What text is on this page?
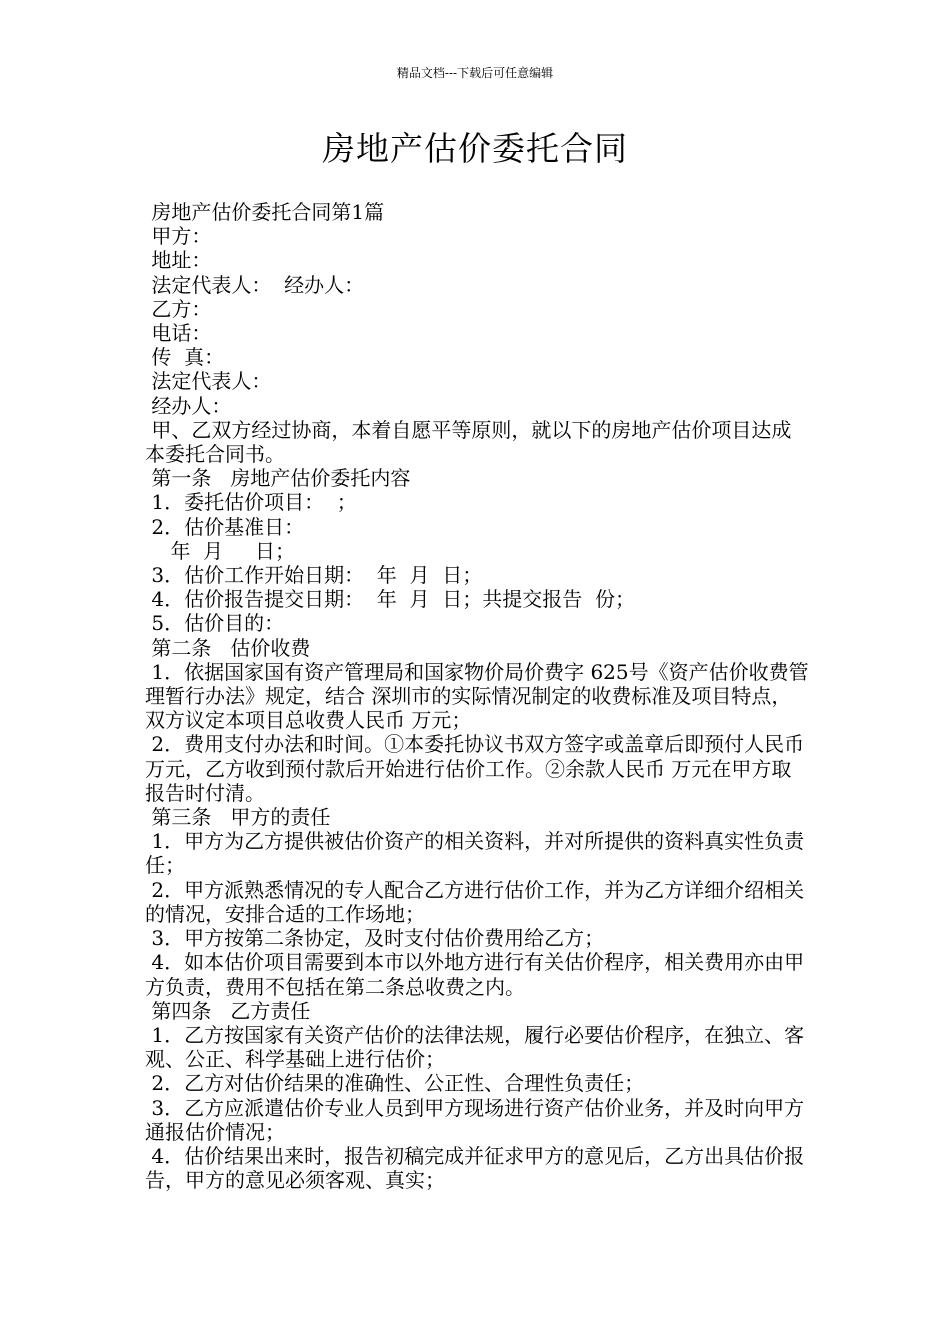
精品文档---下载后可任意编辑
房地产估价委托合同
房地产估价委托合同第1篇
甲方：
地址：
法定代表人：  经办人：
乙方：
电话：
传  真：
法定代表人：
经办人：
甲、乙双方经过协商，本着自愿平等原则，就以下的房地产估价项目达成本委托合同书。
第一条   房地产估价委托内容
1．委托估价项目：  ；
2．估价基准日：
年  月     日；
3．估价工作开始日期：  年  月  日；
4．估价报告提交日期：  年  月  日；共提交报告  份；
5．估价目的：
第二条   估价收费
1．依据国家国有资产管理局和国家物价局价费字 625号《资产估价收费管理暂行办法》规定，结合 深圳市的实际情况制定的收费标准及项目特点，双方议定本项目总收费人民币 万元；
2．费用支付办法和时间。①本委托协议书双方签字或盖章后即预付人民币 万元，乙方收到预付款后开始进行估价工作。②余款人民币 万元在甲方取报告时付清。
第三条   甲方的责任
1．甲方为乙方提供被估价资产的相关资料，并对所提供的资料真实性负责任；
2．甲方派熟悉情况的专人配合乙方进行估价工作，并为乙方详细介绍相关的情况，安排合适的工作场地；
3．甲方按第二条协定，及时支付估价费用给乙方；
4．如本估价项目需要到本市以外地方进行有关估价程序，相关费用亦由甲方负责，费用不包括在第二条总收费之内。
第四条   乙方责任
1．乙方按国家有关资产估价的法律法规，履行必要估价程序，在独立、客观、公正、科学基础上进行估价；
2．乙方对估价结果的准确性、公正性、合理性负责任；
3．乙方应派遣估价专业人员到甲方现场进行资产估价业务，并及时向甲方通报估价情况；
4．估价结果出来时，报告初稿完成并征求甲方的意见后，乙方出具估价报告，甲方的意见必须客观、真实；
